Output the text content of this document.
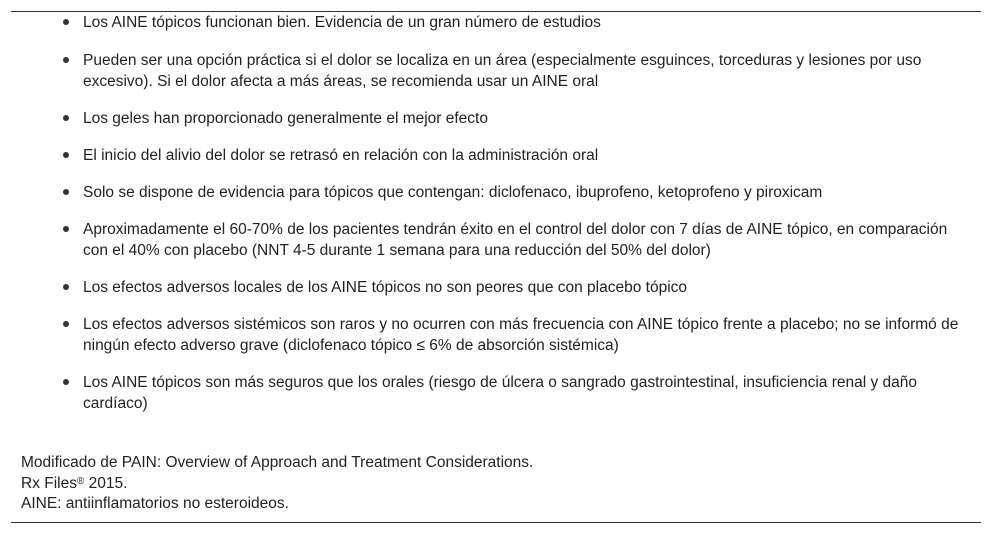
Los AINE tópicos funcionan bien. Evidencia de un gran número de estudios
Pueden ser una opción práctica si el dolor se localiza en un área (especialmente esguinces, torceduras y lesiones por uso excesivo). Si el dolor afecta a más áreas, se recomienda usar un AINE oral
Los geles han proporcionado generalmente el mejor efecto
El inicio del alivio del dolor se retrasó en relación con la administración oral
Solo se dispone de evidencia para tópicos que contengan: diclofenaco, ibuprofeno, ketoprofeno y piroxicam
Aproximadamente el 60-70% de los pacientes tendrán éxito en el control del dolor con 7 días de AINE tópico, en comparación con el 40% con placebo (NNT 4-5 durante 1 semana para una reducción del 50% del dolor)
Los efectos adversos locales de los AINE tópicos no son peores que con placebo tópico
Los efectos adversos sistémicos son raros y no ocurren con más frecuencia con AINE tópico frente a placebo; no se informó de ningún efecto adverso grave (diclofenaco tópico ≤ 6% de absorción sistémica)
Los AINE tópicos son más seguros que los orales (riesgo de úlcera o sangrado gastrointestinal, insuficiencia renal y daño cardíaco)
Modificado de PAIN: Overview of Approach and Treatment Considerations.
Rx Files® 2015.
AINE: antiinflamatorios no esteroideos.
